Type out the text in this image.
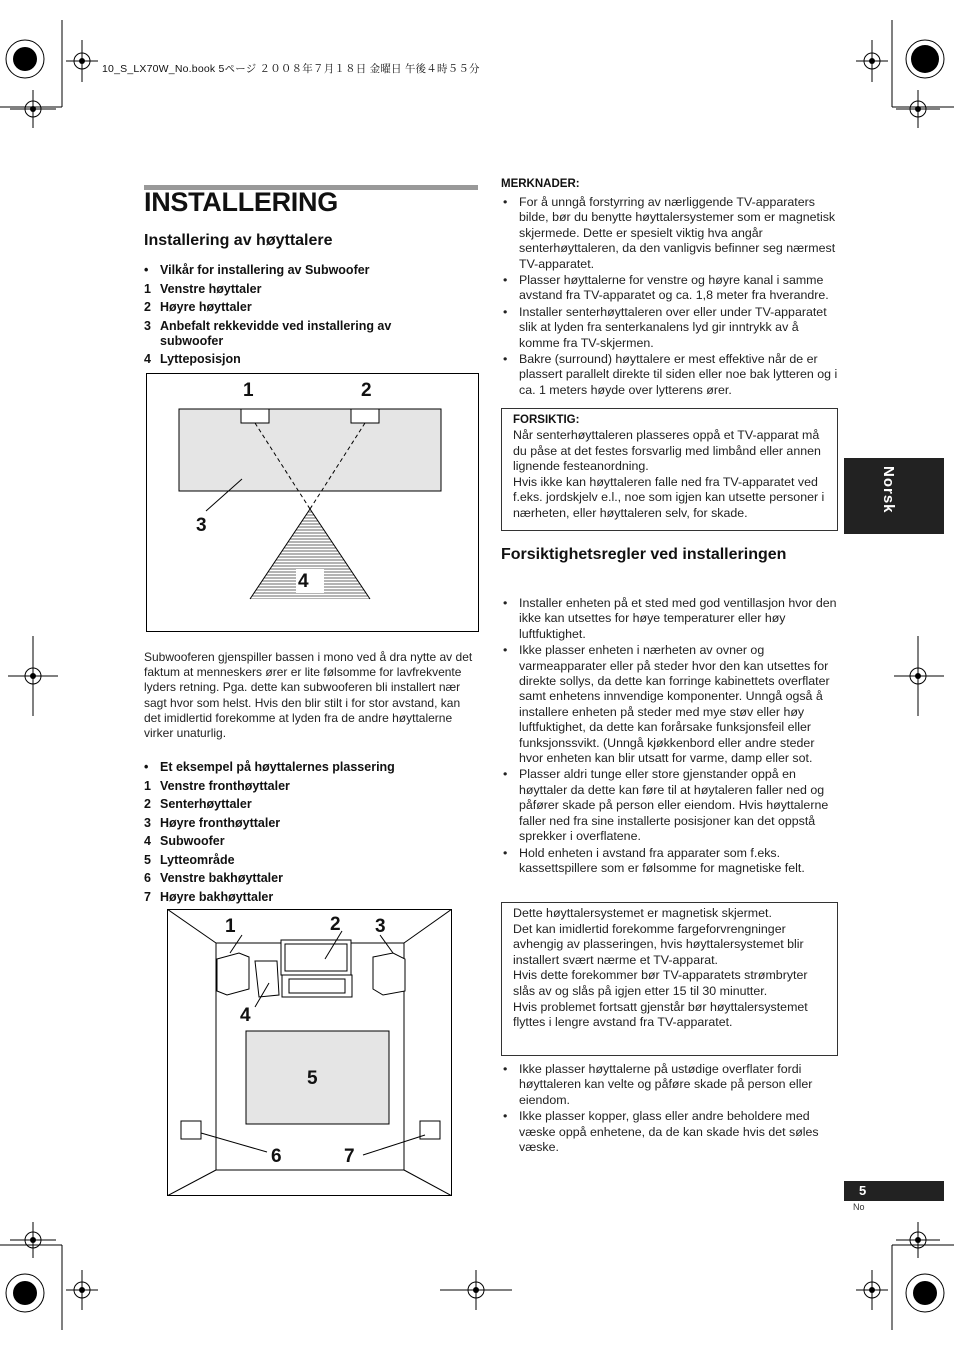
10_S_LX70W_No.book 5ページ ２００８年７月１８日 金曜日 午後４時５５分
INSTALLERING
Installering av høyttalere
• Vilkår for installering av Subwoofer
1 Venstre høyttaler
2 Høyre høyttaler
3 Anbefalt rekkevidde ved installering av subwoofer
4 Lytteposisjon
1	2
3
4
Subwooferen gjenspiller bassen i mono ved å dra nytte av det faktum at menneskers ører er lite følsomme for lavfrekvente lyders retning. Pga. dette kan subwooferen bli installert nær sagt hvor som helst. Hvis den blir stilt i for stor avstand, kan det imidlertid forekomme at lyden fra de andre høyttalerne virker unaturlig.
• Et eksempel på høyttalernes plassering
1 Venstre fronthøyttaler
2 Senterhøyttaler
3 Høyre fronthøyttaler
4 Subwoofer
5 Lytteområde
6 Venstre bakhøyttaler
7 Høyre bakhøyttaler
1	2 3
4
5
6	7
MERKNADER:
• For å unngå forstyrring av nærliggende TV-apparaters bilde, bør du benytte høyttalersystemer som er magnetisk skjermede. Dette er spesielt viktig hva angår senterhøyttaleren, da den vanligvis befinner seg nærmest TV-apparatet.
• Plasser høyttalerne for venstre og høyre kanal i samme avstand fra TV-apparatet og ca. 1,8 meter fra hverandre.
• Installer senterhøyttaleren over eller under TV-apparatet slik at lyden fra senterkanalens lyd gir inntrykk av å komme fra TV-skjermen.
• Bakre (surround) høyttalere er mest effektive når de er plassert parallelt direkte til siden eller noe bak lytteren og i ca. 1 meters høyde over lytterens ører.
FORSIKTIG:
Når senterhøyttaleren plasseres oppå et TV-apparat må du påse at det festes forsvarlig med limbånd eller annen lignende festeanordning.
Hvis ikke kan høyttaleren falle ned fra TV-apparatet ved f.eks. jordskjelv e.l., noe som igjen kan utsette personer i nærheten, eller høyttaleren selv, for skade.
Forsiktighetsregler ved installeringen
• Installer enheten på et sted med god ventillasjon hvor den ikke kan utsettes for høye temperaturer eller høy luftfuktighet.
• Ikke plasser enheten i nærheten av ovner og varmeapparater eller på steder hvor den kan utsettes for direkte sollys, da dette kan forringe kabinettets overflater samt enhetens innvendige komponenter. Unngå også å installere enheten på steder med mye støv eller høy luftfuktighet, da dette kan forårsake funksjonsfeil eller funksjonssvikt. (Unngå kjøkkenbord eller andre steder hvor enheten kan blir utsatt for varme, damp eller sot.
• Plasser aldri tunge eller store gjenstander oppå en høyttaler da dette kan føre til at høytaleren faller ned og påfører skade på person eller eiendom. Hvis høyttalerne faller ned fra sine installerte posisjoner kan det oppstå sprekker i overflatene.
• Hold enheten i avstand fra apparater som f.eks. kassettspillere som er følsomme for magnetiske felt.
Dette høyttalersystemet er magnetisk skjermet.
Det kan imidlertid forekomme fargeforvrengninger avhengig av plasseringen, hvis høyttalersystemet blir installert svært nærme et TV-apparat.
Hvis dette forekommer bør TV-apparatets strømbryter slås av og slås på igjen etter 15 til 30 minutter.
Hvis problemet fortsatt gjenstår bør høyttalersystemet flyttes i lengre avstand fra TV-apparatet.
• Ikke plasser høyttalerne på ustødige overflater fordi høyttaleren kan velte og påføre skade på person eller eiendom.
• Ikke plasser kopper, glass eller andre beholdere med væske oppå enhetene, da de kan skade hvis det søles væske.
Norsk
5
No
